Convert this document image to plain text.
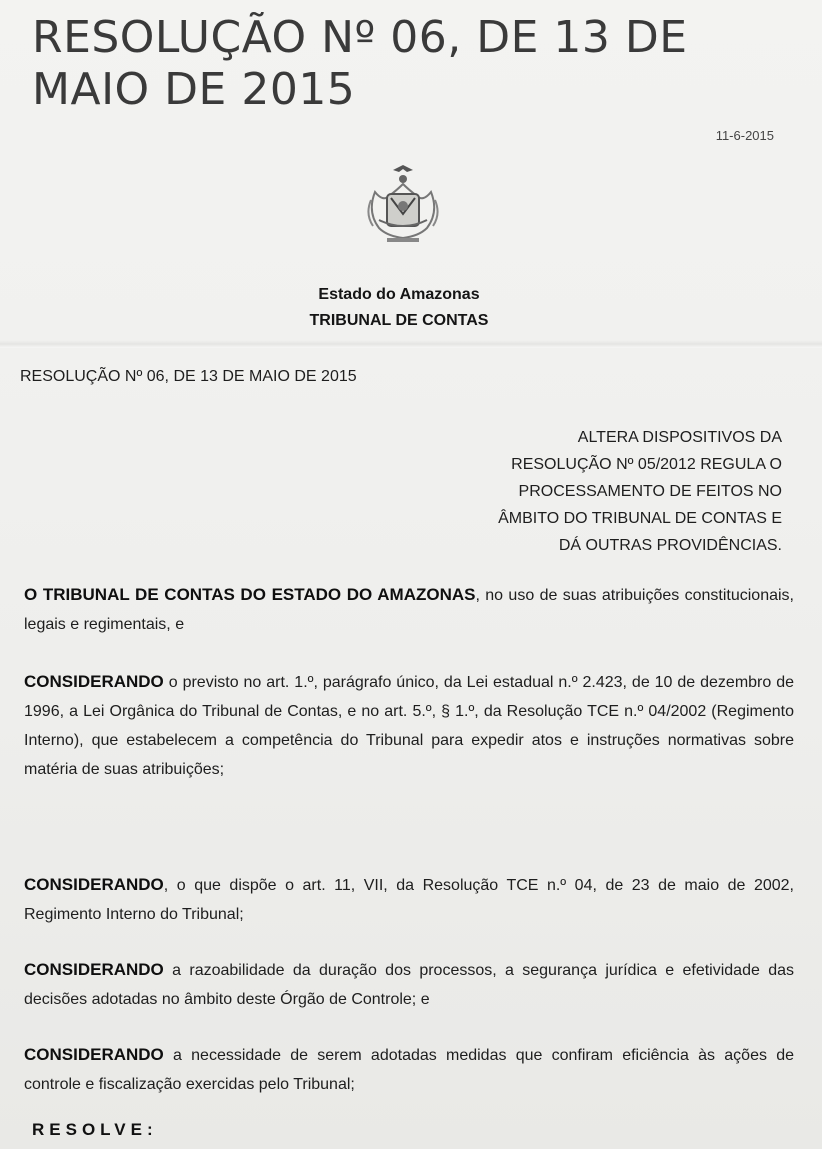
RESOLUÇÃO Nº 06, DE 13 DE MAIO DE 2015
11-6-2015
Estado do Amazonas
TRIBUNAL DE CONTAS
RESOLUÇÃO Nº 06, DE 13 DE MAIO DE 2015
ALTERA DISPOSITIVOS DA
RESOLUÇÃO Nº 05/2012 REGULA O
PROCESSAMENTO DE FEITOS NO
ÂMBITO DO TRIBUNAL DE CONTAS E
DÁ OUTRAS PROVIDÊNCIAS.

O TRIBUNAL DE CONTAS DO ESTADO DO AMAZONAS, no uso de suas atribuições constitucionais, legais e regimentais, e

CONSIDERANDO o previsto no art. 1.º, parágrafo único, da Lei estadual n.º 2.423, de 10 de dezembro de 1996, a Lei Orgânica do Tribunal de Contas, e no art. 5.º, § 1.º, da Resolução TCE n.º 04/2002 (Regimento Interno), que estabelecem a competência do Tribunal para expedir atos e instruções normativas sobre matéria de suas atribuições;

CONSIDERANDO, o que dispõe o art. 11, VII, da Resolução TCE n.º 04, de 23 de maio de 2002, Regimento Interno do Tribunal;

CONSIDERANDO a razoabilidade da duração dos processos, a segurança jurídica e efetividade das decisões adotadas no âmbito deste Órgão de Controle; e

CONSIDERANDO a necessidade de serem adotadas medidas que confiram eficiência às ações de controle e fiscalização exercidas pelo Tribunal;

RESOLVE:
